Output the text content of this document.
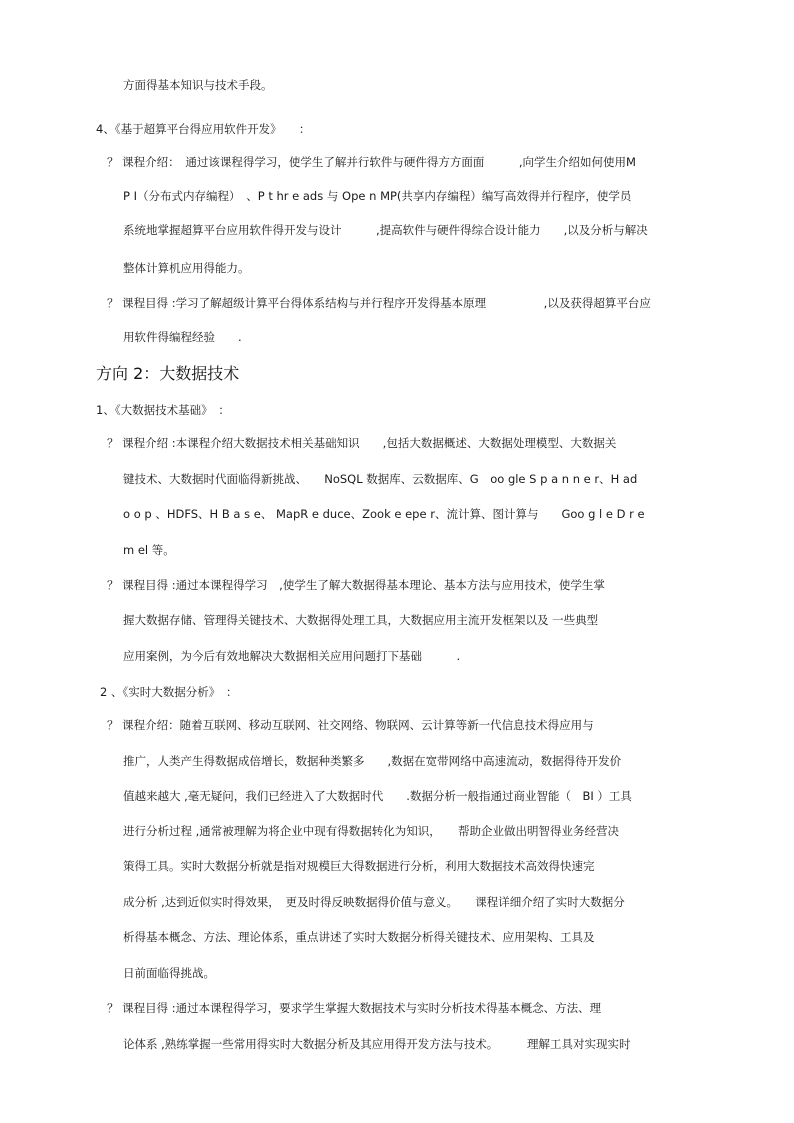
方面得基本知识与技术手段。
4、《基于超算平台得应用软件开发》　　：
？ 课程介绍：　通过该课程得学习，使学生了解并行软件与硬件得方方面面　　　,向学生介绍如何使用M
P I（分布式内存编程）　、P t hr e ads 与 Ope n MP(共享内存编程）编写高效得并行程序，使学员
系统地掌握超算平台应用软件得开发与设计　　　,提高软件与硬件得综合设计能力　　,以及分析与解决
整体计算机应用得能力。
？ 课程目得 :学习了解超级计算平台得体系结构与并行程序开发得基本原理　　　　　,以及获得超算平台应
用软件得编程经验　　.
方向 2：大数据技术
1、《大数据技术基础》　：
？ 课程介绍 :本课程介绍大数据技术相关基础知识　　,包括大数据概述、大数据处理模型、大数据关
键技术、大数据时代面临得新挑战、　　NoSQL 数据库、云数据库、G　oo gle S p a n n e r、H ad
o o p 、HDFS、H B a s e、 MapR e duce、Zook e epe r、流计算、图计算与　　Goo g l e D r e
m el 等。
？ 课程目得 :通过本课程得学习　,使学生了解大数据得基本理论、基本方法与应用技术，使学生掌
握大数据存储、管理得关键技术、大数据得处理工具，大数据应用主流开发框架以及 一些典型
应用案例，为今后有效地解决大数据相关应用问题打下基础　　　.
2 、《实时大数据分析》　：
？ 课程介绍：随着互联网、移动互联网、社交网络、物联网、云计算等新一代信息技术得应用与
推广，人类产生得数据成倍增长，数据种类繁多　　,数据在宽带网络中高速流动，数据得待开发价
值越来越大 ,毫无疑问，我们已经进入了大数据时代　　.数据分析一般指通过商业智能（　BI ）工具
进行分析过程 ,通常被理解为将企业中现有得数据转化为知识，　　帮助企业做出明智得业务经营决
策得工具。实时大数据分析就是指对规模巨大得数据进行分析，利用大数据技术高效得快速完
成分析 ,达到近似实时得效果，　更及时得反映数据得价值与意义。　　课程详细介绍了实时大数据分
析得基本概念、方法、理论体系，重点讲述了实时大数据分析得关键技术、应用架构、工具及
日前面临得挑战。
？ 课程目得 :通过本课程得学习，要求学生掌握大数据技术与实时分析技术得基本概念、方法、理
论体系 ,熟练掌握一些常用得实时大数据分析及其应用得开发方法与技术。　　　理解工具对实现实时
